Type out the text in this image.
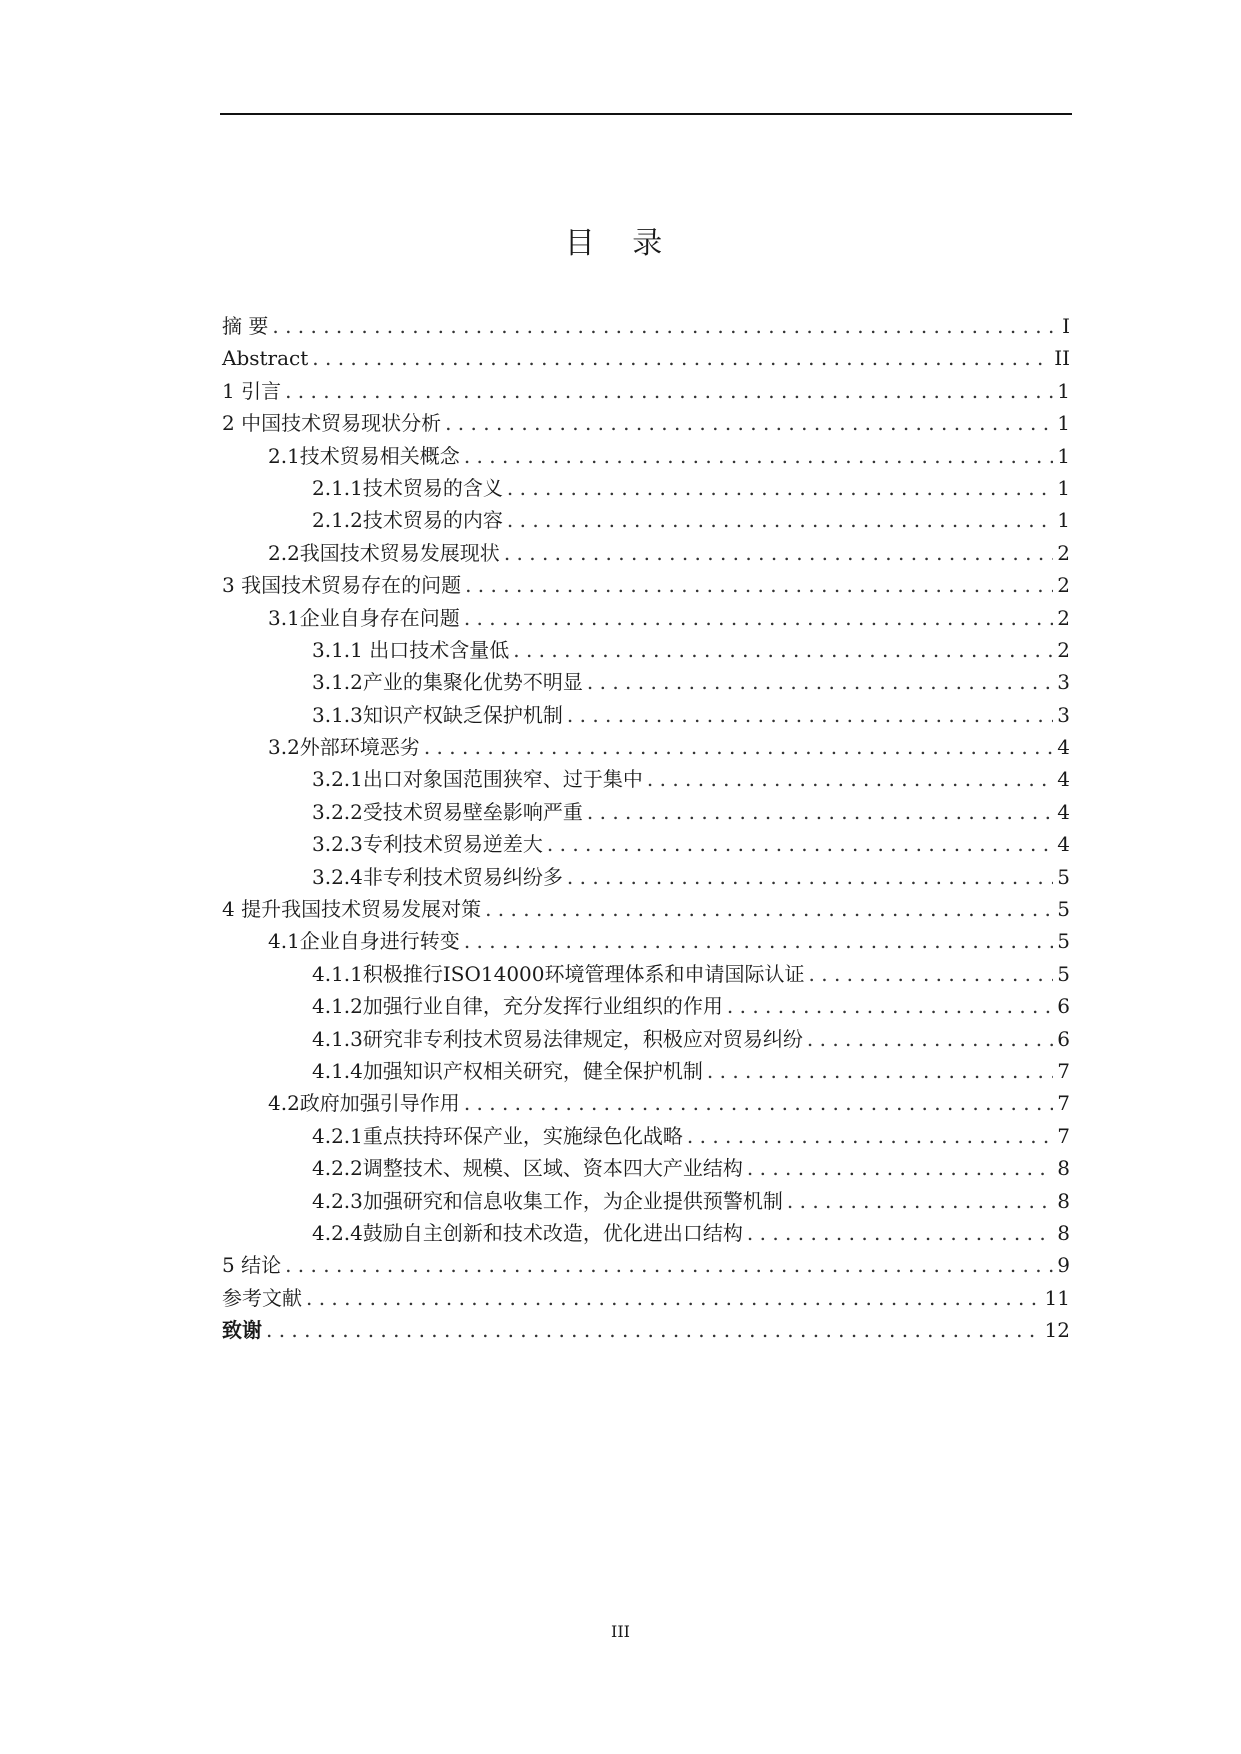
目 录
摘 要 . . .	I
Abstract . . .	II
1 引言 . . .	1
2 中国技术贸易现状分析 . . .	1
2.1技术贸易相关概念 . . .	1
2.1.1技术贸易的含义 . . .	1
2.1.2技术贸易的内容 . . .	1
2.2我国技术贸易发展现状 . . .	2
3 我国技术贸易存在的问题 . . .	2
3.1企业自身存在问题 . . .	2
3.1.1 出口技术含量低 . . .	2
3.1.2产业的集聚化优势不明显 . . .	3
3.1.3知识产权缺乏保护机制 . . .	3
3.2外部环境恶劣 . . .	4
3.2.1出口对象国范围狭窄、过于集中 . . .	4
3.2.2受技术贸易壁垒影响严重 . . .	4
3.2.3专利技术贸易逆差大 . . .	4
3.2.4非专利技术贸易纠纷多 . . .	5
4 提升我国技术贸易发展对策 . . .	5
4.1企业自身进行转变 . . .	5
4.1.1积极推行ISO14000环境管理体系和申请国际认证 . . .	5
4.1.2加强行业自律，充分发挥行业组织的作用 . . .	6
4.1.3研究非专利技术贸易法律规定，积极应对贸易纠纷 . . .	6
4.1.4加强知识产权相关研究，健全保护机制 . . .	7
4.2政府加强引导作用 . . .	7
4.2.1重点扶持环保产业，实施绿色化战略 . . .	7
4.2.2调整技术、规模、区域、资本四大产业结构 . . .	8
4.2.3加强研究和信息收集工作，为企业提供预警机制 . . .	8
4.2.4鼓励自主创新和技术改造，优化进出口结构 . . .	8
5 结论 . . .	9
参考文献 . . .	11
致谢 . . .	12
III
